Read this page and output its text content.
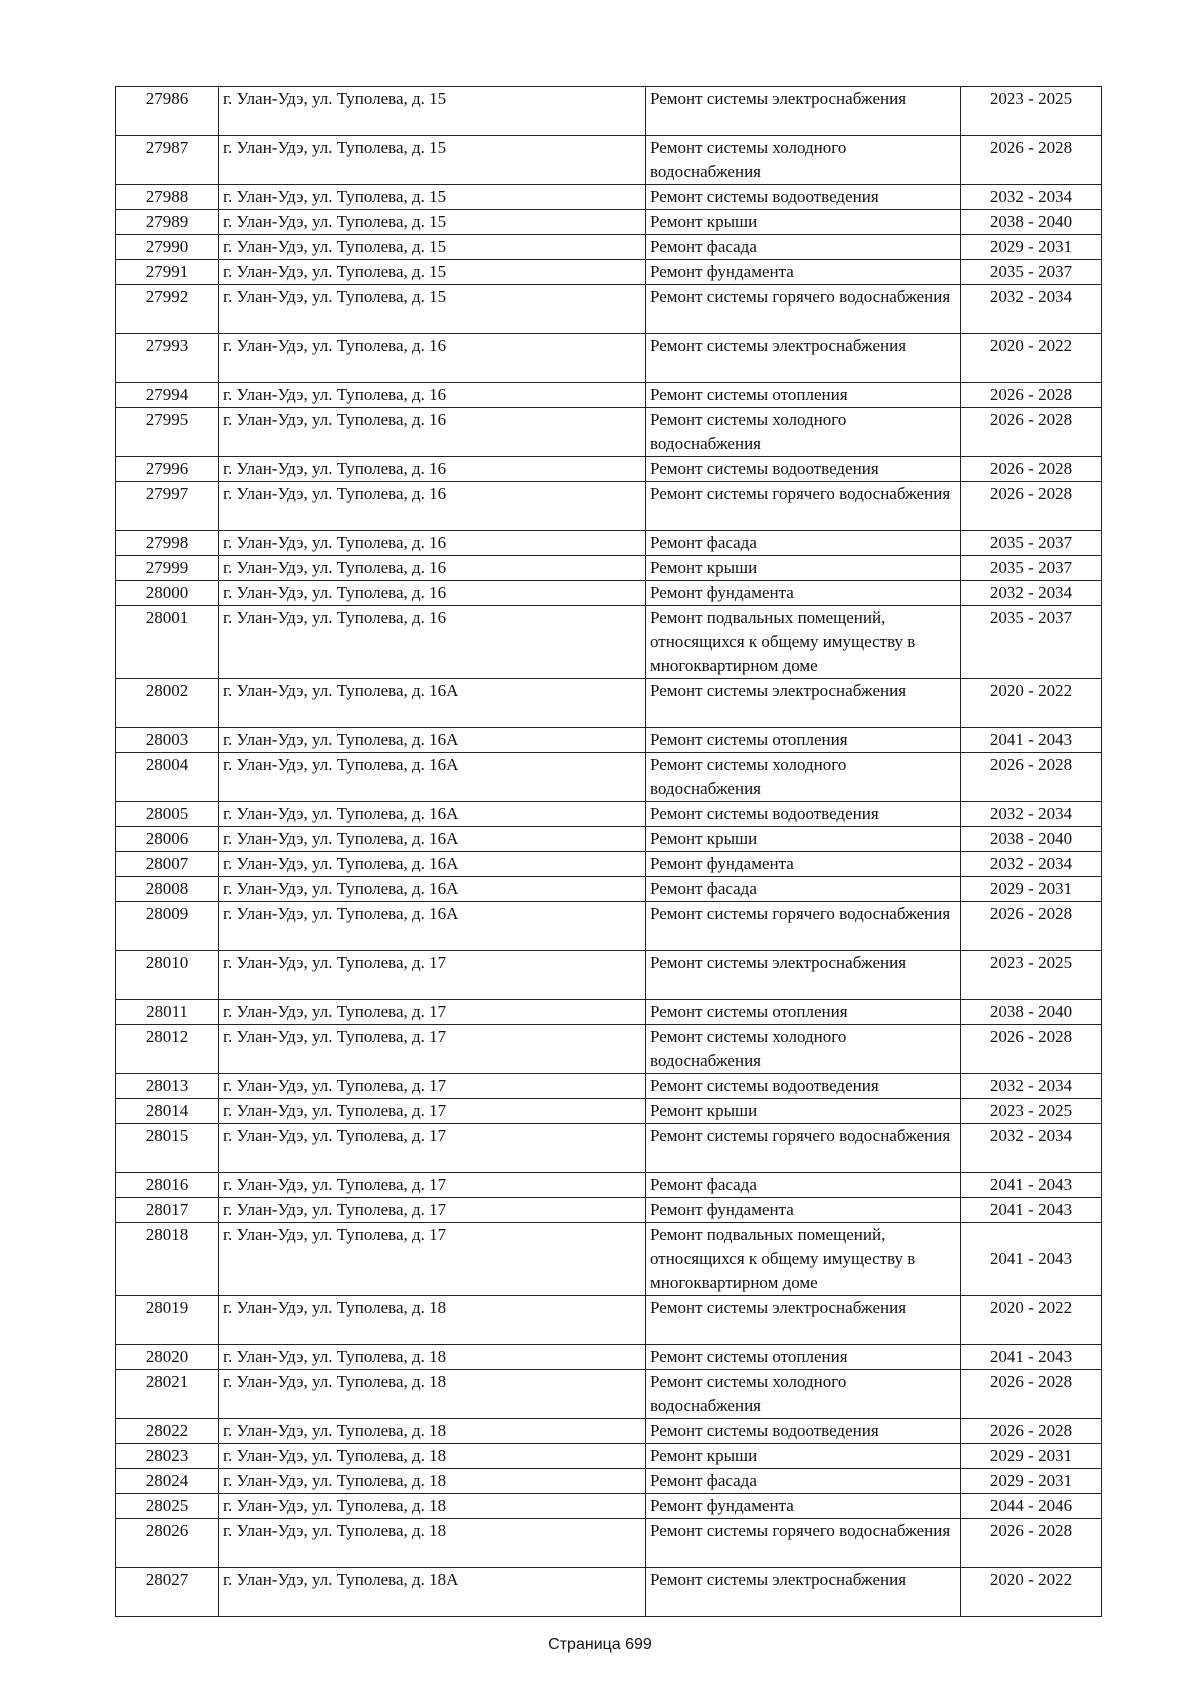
27986	г. Улан-Удэ, ул. Туполева, д. 15	Ремонт системы электроснабжения	2023 - 2025
27987	г. Улан-Удэ, ул. Туполева, д. 15	Ремонт системы холодного водоснабжения	2026 - 2028
27988	г. Улан-Удэ, ул. Туполева, д. 15	Ремонт системы водоотведения	2032 - 2034
27989	г. Улан-Удэ, ул. Туполева, д. 15	Ремонт крыши	2038 - 2040
27990	г. Улан-Удэ, ул. Туполева, д. 15	Ремонт фасада	2029 - 2031
27991	г. Улан-Удэ, ул. Туполева, д. 15	Ремонт фундамента	2035 - 2037
27992	г. Улан-Удэ, ул. Туполева, д. 15	Ремонт системы горячего водоснабжения	2032 - 2034
27993	г. Улан-Удэ, ул. Туполева, д. 16	Ремонт системы электроснабжения	2020 - 2022
27994	г. Улан-Удэ, ул. Туполева, д. 16	Ремонт системы отопления	2026 - 2028
27995	г. Улан-Удэ, ул. Туполева, д. 16	Ремонт системы холодного водоснабжения	2026 - 2028
27996	г. Улан-Удэ, ул. Туполева, д. 16	Ремонт системы водоотведения	2026 - 2028
27997	г. Улан-Удэ, ул. Туполева, д. 16	Ремонт системы горячего водоснабжения	2026 - 2028
27998	г. Улан-Удэ, ул. Туполева, д. 16	Ремонт фасада	2035 - 2037
27999	г. Улан-Удэ, ул. Туполева, д. 16	Ремонт крыши	2035 - 2037
28000	г. Улан-Удэ, ул. Туполева, д. 16	Ремонт фундамента	2032 - 2034
28001	г. Улан-Удэ, ул. Туполева, д. 16	Ремонт подвальных помещений, относящихся к общему имуществу в многоквартирном доме	2035 - 2037
28002	г. Улан-Удэ, ул. Туполева, д. 16А	Ремонт системы электроснабжения	2020 - 2022
28003	г. Улан-Удэ, ул. Туполева, д. 16А	Ремонт системы отопления	2041 - 2043
28004	г. Улан-Удэ, ул. Туполева, д. 16А	Ремонт системы холодного водоснабжения	2026 - 2028
28005	г. Улан-Удэ, ул. Туполева, д. 16А	Ремонт системы водоотведения	2032 - 2034
28006	г. Улан-Удэ, ул. Туполева, д. 16А	Ремонт крыши	2038 - 2040
28007	г. Улан-Удэ, ул. Туполева, д. 16А	Ремонт фундамента	2032 - 2034
28008	г. Улан-Удэ, ул. Туполева, д. 16А	Ремонт фасада	2029 - 2031
28009	г. Улан-Удэ, ул. Туполева, д. 16А	Ремонт системы горячего водоснабжения	2026 - 2028
28010	г. Улан-Удэ, ул. Туполева, д. 17	Ремонт системы электроснабжения	2023 - 2025
28011	г. Улан-Удэ, ул. Туполева, д. 17	Ремонт системы отопления	2038 - 2040
28012	г. Улан-Удэ, ул. Туполева, д. 17	Ремонт системы холодного водоснабжения	2026 - 2028
28013	г. Улан-Удэ, ул. Туполева, д. 17	Ремонт системы водоотведения	2032 - 2034
28014	г. Улан-Удэ, ул. Туполева, д. 17	Ремонт крыши	2023 - 2025
28015	г. Улан-Удэ, ул. Туполева, д. 17	Ремонт системы горячего водоснабжения	2032 - 2034
28016	г. Улан-Удэ, ул. Туполева, д. 17	Ремонт фасада	2041 - 2043
28017	г. Улан-Удэ, ул. Туполева, д. 17	Ремонт фундамента	2041 - 2043
28018	г. Улан-Удэ, ул. Туполева, д. 17	Ремонт подвальных помещений, относящихся к общему имуществу в многоквартирном доме	2041 - 2043
28019	г. Улан-Удэ, ул. Туполева, д. 18	Ремонт системы электроснабжения	2020 - 2022
28020	г. Улан-Удэ, ул. Туполева, д. 18	Ремонт системы отопления	2041 - 2043
28021	г. Улан-Удэ, ул. Туполева, д. 18	Ремонт системы холодного водоснабжения	2026 - 2028
28022	г. Улан-Удэ, ул. Туполева, д. 18	Ремонт системы водоотведения	2026 - 2028
28023	г. Улан-Удэ, ул. Туполева, д. 18	Ремонт крыши	2029 - 2031
28024	г. Улан-Удэ, ул. Туполева, д. 18	Ремонт фасада	2029 - 2031
28025	г. Улан-Удэ, ул. Туполева, д. 18	Ремонт фундамента	2044 - 2046
28026	г. Улан-Удэ, ул. Туполева, д. 18	Ремонт системы горячего водоснабжения	2026 - 2028
28027	г. Улан-Удэ, ул. Туполева, д. 18А	Ремонт системы электроснабжения	2020 - 2022
Страница 699
